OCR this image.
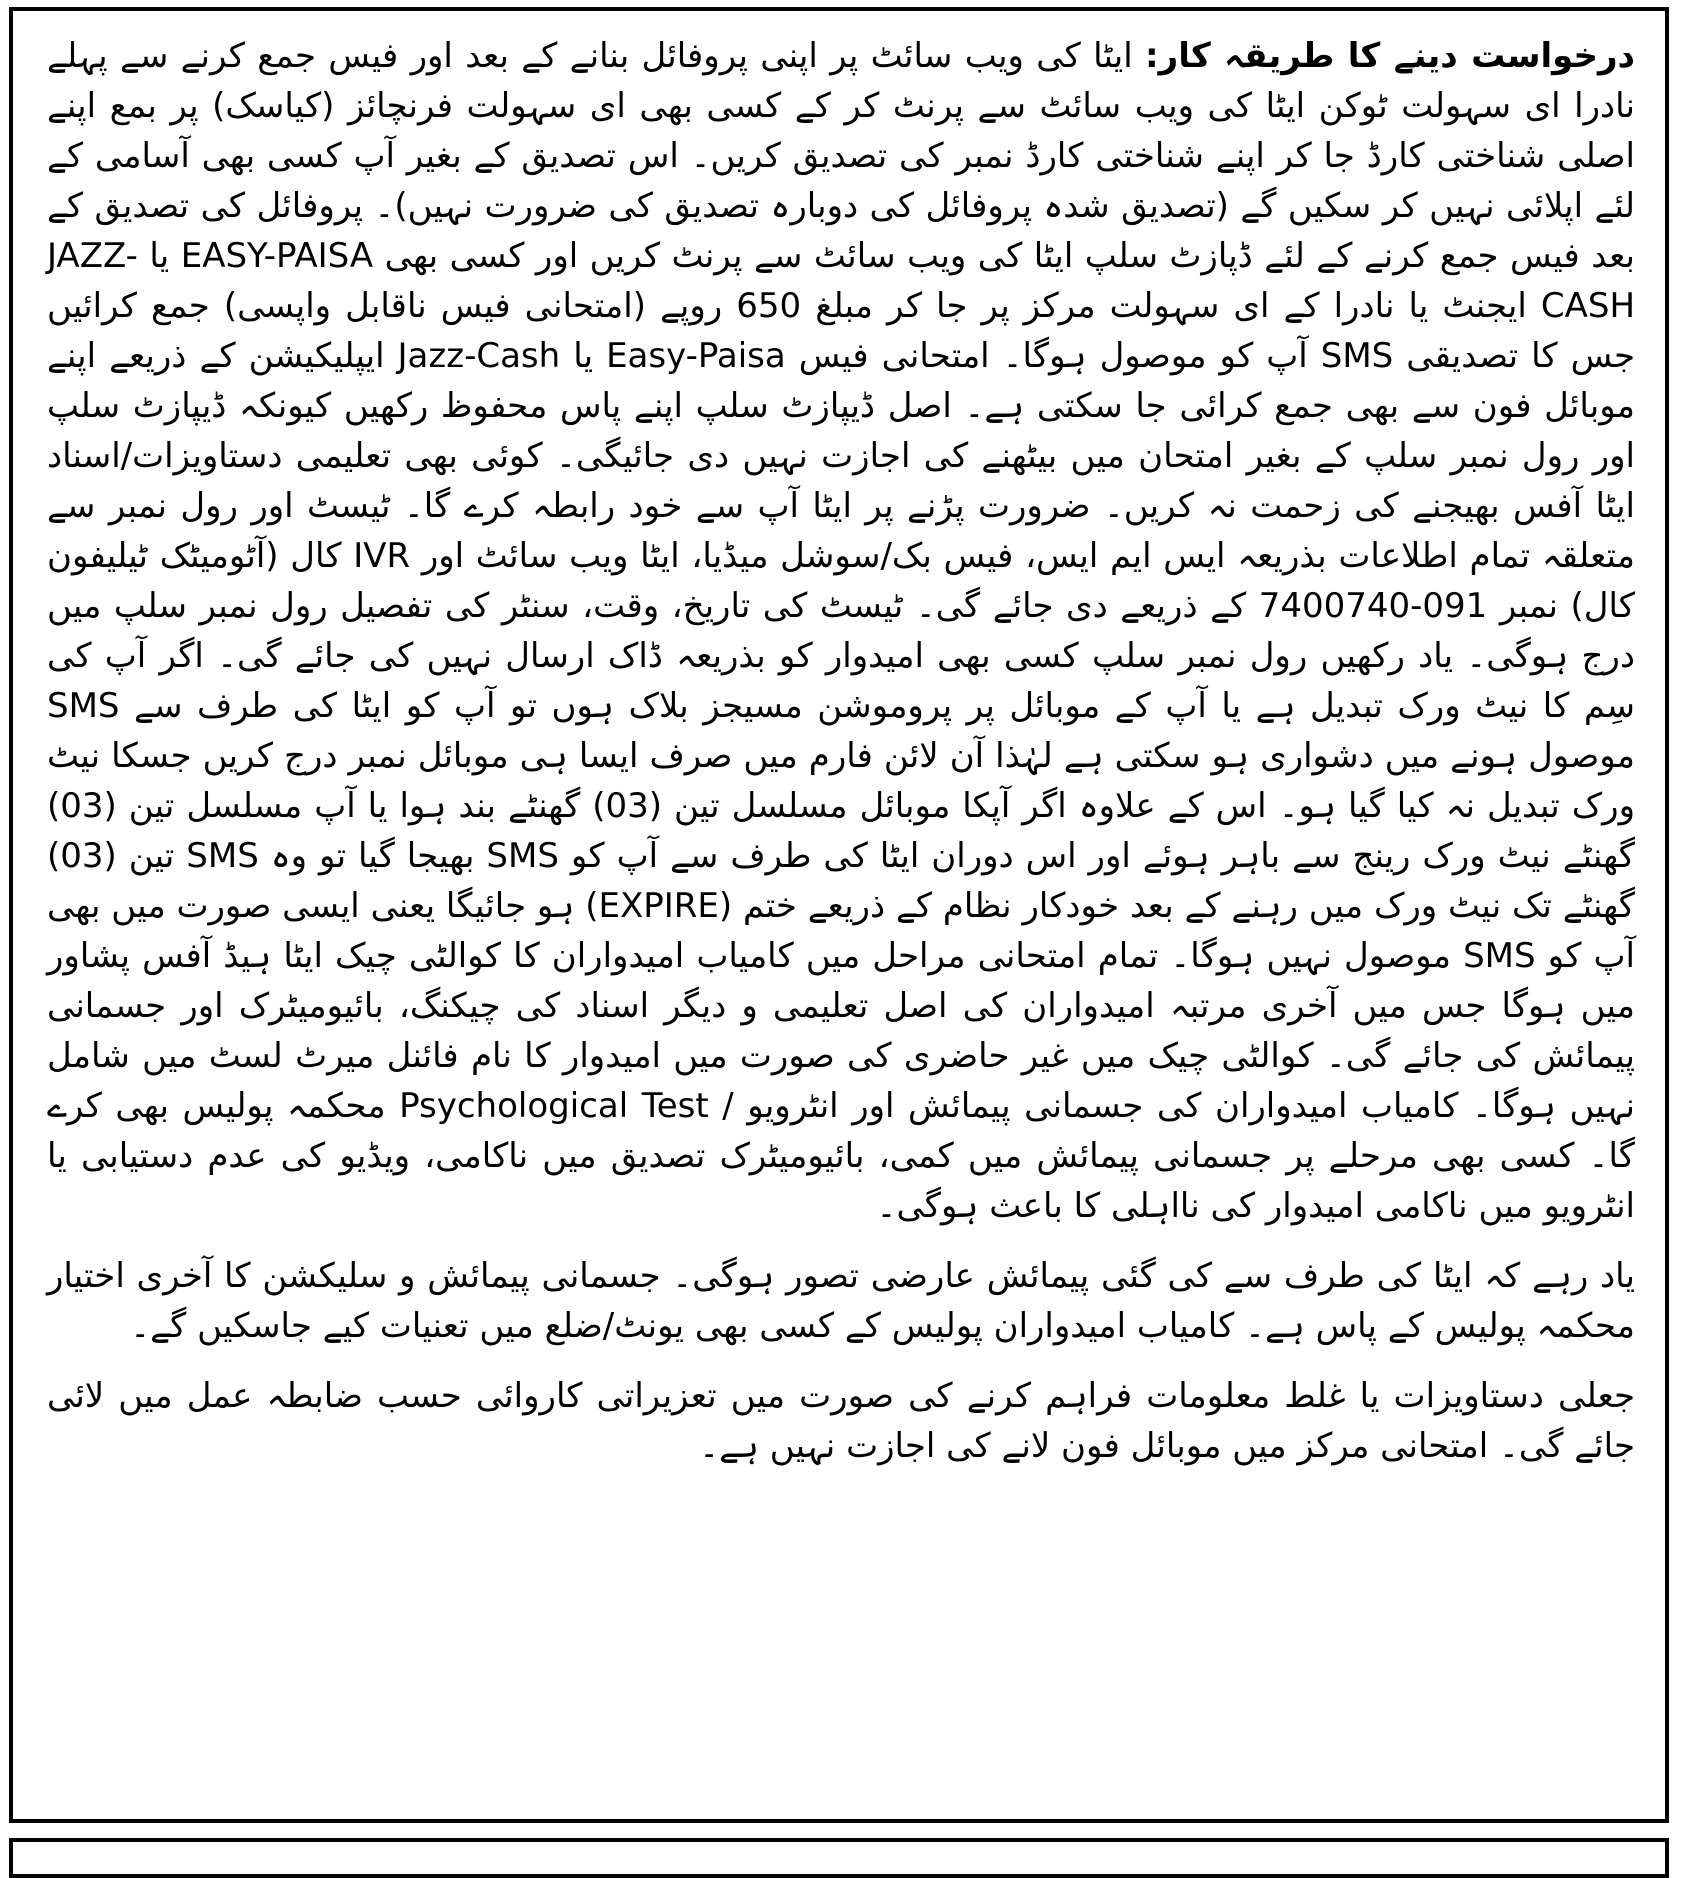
درخواست دینے کا طریقہ کار: ایٹا کی ویب سائٹ پر اپنی پروفائل بنانے کے بعد اور فیس جمع کرنے سے پہلے نادرا ای سہولت ٹوکن ایٹا کی ویب سائٹ سے پرنٹ کر کے کسی بھی ای سہولت فرنچائز (کیاسک) پر بمع اپنے اصلی شناختی کارڈ جا کر اپنے شناختی کارڈ نمبر کی تصدیق کریں۔ اس تصدیق کے بغیر آپ کسی بھی آسامی کے لئے اپلائی نہیں کر سکیں گے (تصدیق شدہ پروفائل کی دوبارہ تصدیق کی ضرورت نہیں)۔ پروفائل کی تصدیق کے بعد فیس جمع کرنے کے لئے ڈپازٹ سلپ ایٹا کی ویب سائٹ سے پرنٹ کریں اور کسی بھی EASY-PAISA یا JAZZ-CASH ایجنٹ یا نادرا کے ای سہولت مرکز پر جا کر مبلغ 650 روپے (امتحانی فیس ناقابل واپسی) جمع کرائیں جس کا تصدیقی SMS آپ کو موصول ہوگا۔ امتحانی فیس Easy-Paisa یا Jazz-Cash ایپلیکیشن کے ذریعے اپنے موبائل فون سے بھی جمع کرائی جا سکتی ہے۔ اصل ڈیپازٹ سلپ اپنے پاس محفوظ رکھیں کیونکہ ڈیپازٹ سلپ اور رول نمبر سلپ کے بغیر امتحان میں بیٹھنے کی اجازت نہیں دی جائیگی۔ کوئی بھی تعلیمی دستاویزات/اسناد ایٹا آفس بھیجنے کی زحمت نہ کریں۔ ضرورت پڑنے پر ایٹا آپ سے خود رابطہ کرے گا۔ ٹیسٹ اور رول نمبر سے متعلقہ تمام اطلاعات بذریعہ ایس ایم ایس، فیس بک/سوشل میڈیا، ایٹا ویب سائٹ اور IVR کال (آٹومیٹک ٹیلیفون کال) نمبر 091-7400740 کے ذریعے دی جائے گی۔ ٹیسٹ کی تاریخ، وقت، سنٹر کی تفصیل رول نمبر سلپ میں درج ہوگی۔ یاد رکھیں رول نمبر سلپ کسی بھی امیدوار کو بذریعہ ڈاک ارسال نہیں کی جائے گی۔ اگر آپ کی سِم کا نیٹ ورک تبدیل ہے یا آپ کے موبائل پر پروموشن مسیجز بلاک ہوں تو آپ کو ایٹا کی طرف سے SMS موصول ہونے میں دشواری ہو سکتی ہے لہٰذا آن لائن فارم میں صرف ایسا ہی موبائل نمبر درج کریں جسکا نیٹ ورک تبدیل نہ کیا گیا ہو۔ اس کے علاوہ اگر آپکا موبائل مسلسل تین (03) گھنٹے بند ہوا یا آپ مسلسل تین (03) گھنٹے نیٹ ورک رینج سے باہر ہوئے اور اس دوران ایٹا کی طرف سے آپ کو SMS بھیجا گیا تو وہ SMS تین (03) گھنٹے تک نیٹ ورک میں رہنے کے بعد خودکار نظام کے ذریعے ختم (EXPIRE) ہو جائیگا یعنی ایسی صورت میں بھی آپ کو SMS موصول نہیں ہوگا۔ تمام امتحانی مراحل میں کامیاب امیدواران کا کوالٹی چیک ایٹا ہیڈ آفس پشاور میں ہوگا جس میں آخری مرتبہ امیدواران کی اصل تعلیمی و دیگر اسناد کی چیکنگ، بائیومیٹرک اور جسمانی پیمائش کی جائے گی۔ کوالٹی چیک میں غیر حاضری کی صورت میں امیدوار کا نام فائنل میرٹ لسٹ میں شامل نہیں ہوگا۔ کامیاب امیدواران کی جسمانی پیمائش اور انٹرویو / Psychological Test محکمہ پولیس بھی کرے گا۔ کسی بھی مرحلے پر جسمانی پیمائش میں کمی، بائیومیٹرک تصدیق میں ناکامی، ویڈیو کی عدم دستیابی یا انٹرویو میں ناکامی امیدوار کی نااہلی کا باعث ہوگی۔

یاد رہے کہ ایٹا کی طرف سے کی گئی پیمائش عارضی تصور ہوگی۔ جسمانی پیمائش و سلیکشن کا آخری اختیار محکمہ پولیس کے پاس ہے۔ کامیاب امیدواران پولیس کے کسی بھی یونٹ/ضلع میں تعنیات کیے جاسکیں گے۔

جعلی دستاویزات یا غلط معلومات فراہم کرنے کی صورت میں تعزیراتی کاروائی حسب ضابطہ عمل میں لائی جائے گی۔ امتحانی مرکز میں موبائل فون لانے کی اجازت نہیں ہے۔
